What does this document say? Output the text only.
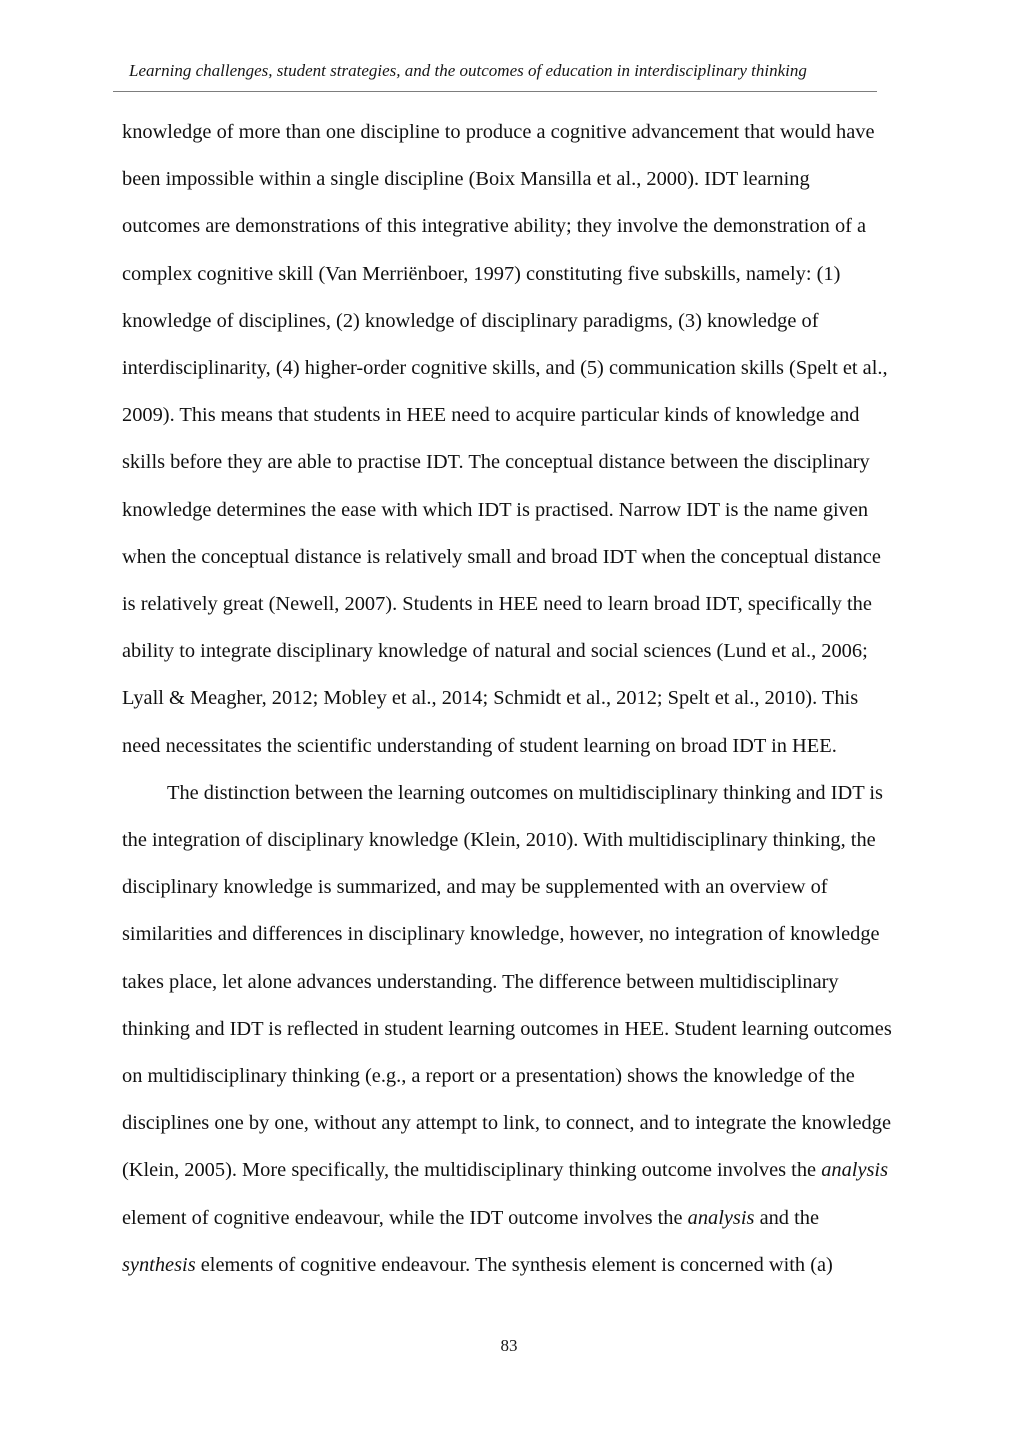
Learning challenges, student strategies, and the outcomes of education in interdisciplinary thinking
knowledge of more than one discipline to produce a cognitive advancement that would have
been impossible within a single discipline (Boix Mansilla et al., 2000). IDT learning
outcomes are demonstrations of this integrative ability; they involve the demonstration of a
complex cognitive skill (Van Merriënboer, 1997) constituting five subskills, namely: (1)
knowledge of disciplines, (2) knowledge of disciplinary paradigms, (3) knowledge of
interdisciplinarity, (4) higher-order cognitive skills, and (5) communication skills (Spelt et al.,
2009). This means that students in HEE need to acquire particular kinds of knowledge and
skills before they are able to practise IDT. The conceptual distance between the disciplinary
knowledge determines the ease with which IDT is practised. Narrow IDT is the name given
when the conceptual distance is relatively small and broad IDT when the conceptual distance
is relatively great (Newell, 2007). Students in HEE need to learn broad IDT, specifically the
ability to integrate disciplinary knowledge of natural and social sciences (Lund et al., 2006;
Lyall & Meagher, 2012; Mobley et al., 2014; Schmidt et al., 2012; Spelt et al., 2010). This
need necessitates the scientific understanding of student learning on broad IDT in HEE.
The distinction between the learning outcomes on multidisciplinary thinking and IDT is
the integration of disciplinary knowledge (Klein, 2010). With multidisciplinary thinking, the
disciplinary knowledge is summarized, and may be supplemented with an overview of
similarities and differences in disciplinary knowledge, however, no integration of knowledge
takes place, let alone advances understanding. The difference between multidisciplinary
thinking and IDT is reflected in student learning outcomes in HEE. Student learning outcomes
on multidisciplinary thinking (e.g., a report or a presentation) shows the knowledge of the
disciplines one by one, without any attempt to link, to connect, and to integrate the knowledge
(Klein, 2005). More specifically, the multidisciplinary thinking outcome involves the analysis
element of cognitive endeavour, while the IDT outcome involves the analysis and the
synthesis elements of cognitive endeavour. The synthesis element is concerned with (a)
83
